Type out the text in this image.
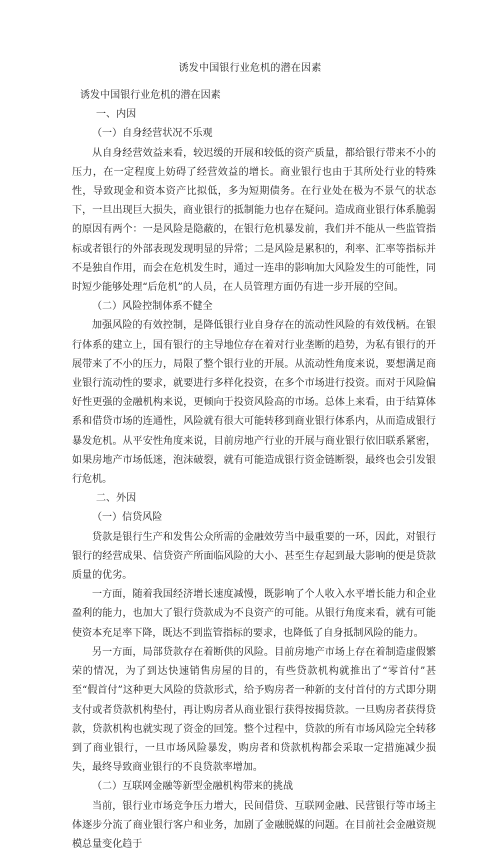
诱发中国银行业危机的潜在因素

诱发中国银行业危机的潜在因素

一、内因

（一）自身经营状况不乐观

从自身经营效益来看，较迟缓的开展和较低的资产质量，都给银行带来不小的压力，在一定程度上妨碍了经营效益的增长。商业银行也由于其所处行业的特殊性，导致现金和资本资产比拟低，多为短期债务。在行业处在极为不景气的状态下，一旦出现巨大损失，商业银行的抵制能力也存在疑问。造成商业银行体系脆弱的原因有两个：一是风险是隐蔽的，在银行危机暴发前，我们并不能从一些监管指标或者银行的外部表现发现明显的异常；二是风险是累积的，利率、汇率等指标并不是独自作用，而会在危机发生时，通过一连串的影响加大风险发生的可能性，同时短少能够处理“后危机”的人员，在人员管理方面仍有进一步开展的空间。

（二）风险控制体系不健全

加强风险的有效控制，是降低银行业自身存在的流动性风险的有效伐柄。在银行体系的建立上，国有银行的主导地位存在着对行业垄断的趋势，为私有银行的开展带来了不小的压力，局限了整个银行业的开展。从流动性角度来说，要想满足商业银行流动性的要求，就要进行多样化投资，在多个市场进行投资。而对于风险偏好性更强的金融机构来说，更倾向于投资风险高的市场。总体上来看，由于结算体系和借贷市场的连通性，风险就有很大可能转移到商业银行体系内，从而造成银行暴发危机。从平安性角度来说，目前房地产行业的开展与商业银行依旧联系紧密，如果房地产市场低迷，泡沫破裂，就有可能造成银行资金链断裂，最终也会引发银行危机。

二、外因

（一）信贷风险

贷款是银行生产和发售公众所需的金融效劳当中最重要的一环，因此，对银行银行的经营成果、信贷资产所面临风险的大小、甚至生存起到最大影响的便是贷款质量的优劣。

一方面，随着我国经济增长速度减慢，既影响了个人收入水平增长能力和企业盈利的能力，也加大了银行贷款成为不良资产的可能。从银行角度来看，就有可能使资本充足率下降，既达不到监管指标的要求，也降低了自身抵制风险的能力。

另一方面，局部贷款存在着断供的风险。目前房地产市场上存在着制造虚假繁荣的情况，为了到达快速销售房屋的目的，有些贷款机构就推出了“零首付”甚至“假首付”这种更大风险的贷款形式，给予购房者一种新的支付首付的方式即分期支付或者贷款机构垫付，再让购房者从商业银行获得按揭贷款。一旦购房者获得贷款，贷款机构也就实现了资金的回笼。整个过程中，贷款的所有市场风险完全转移到了商业银行，一旦市场风险暴发，购房者和贷款机构都会采取一定措施减少损失，最终导致商业银行的不良贷款率增加。

（二）互联网金融等新型金融机构带来的挑战

当前，银行业市场竞争压力增大，民间借贷、互联网金融、民营银行等市场主体逐步分流了商业银行客户和业务，加剧了金融脱媒的问题。在目前社会金融资规模总量变化趋于
